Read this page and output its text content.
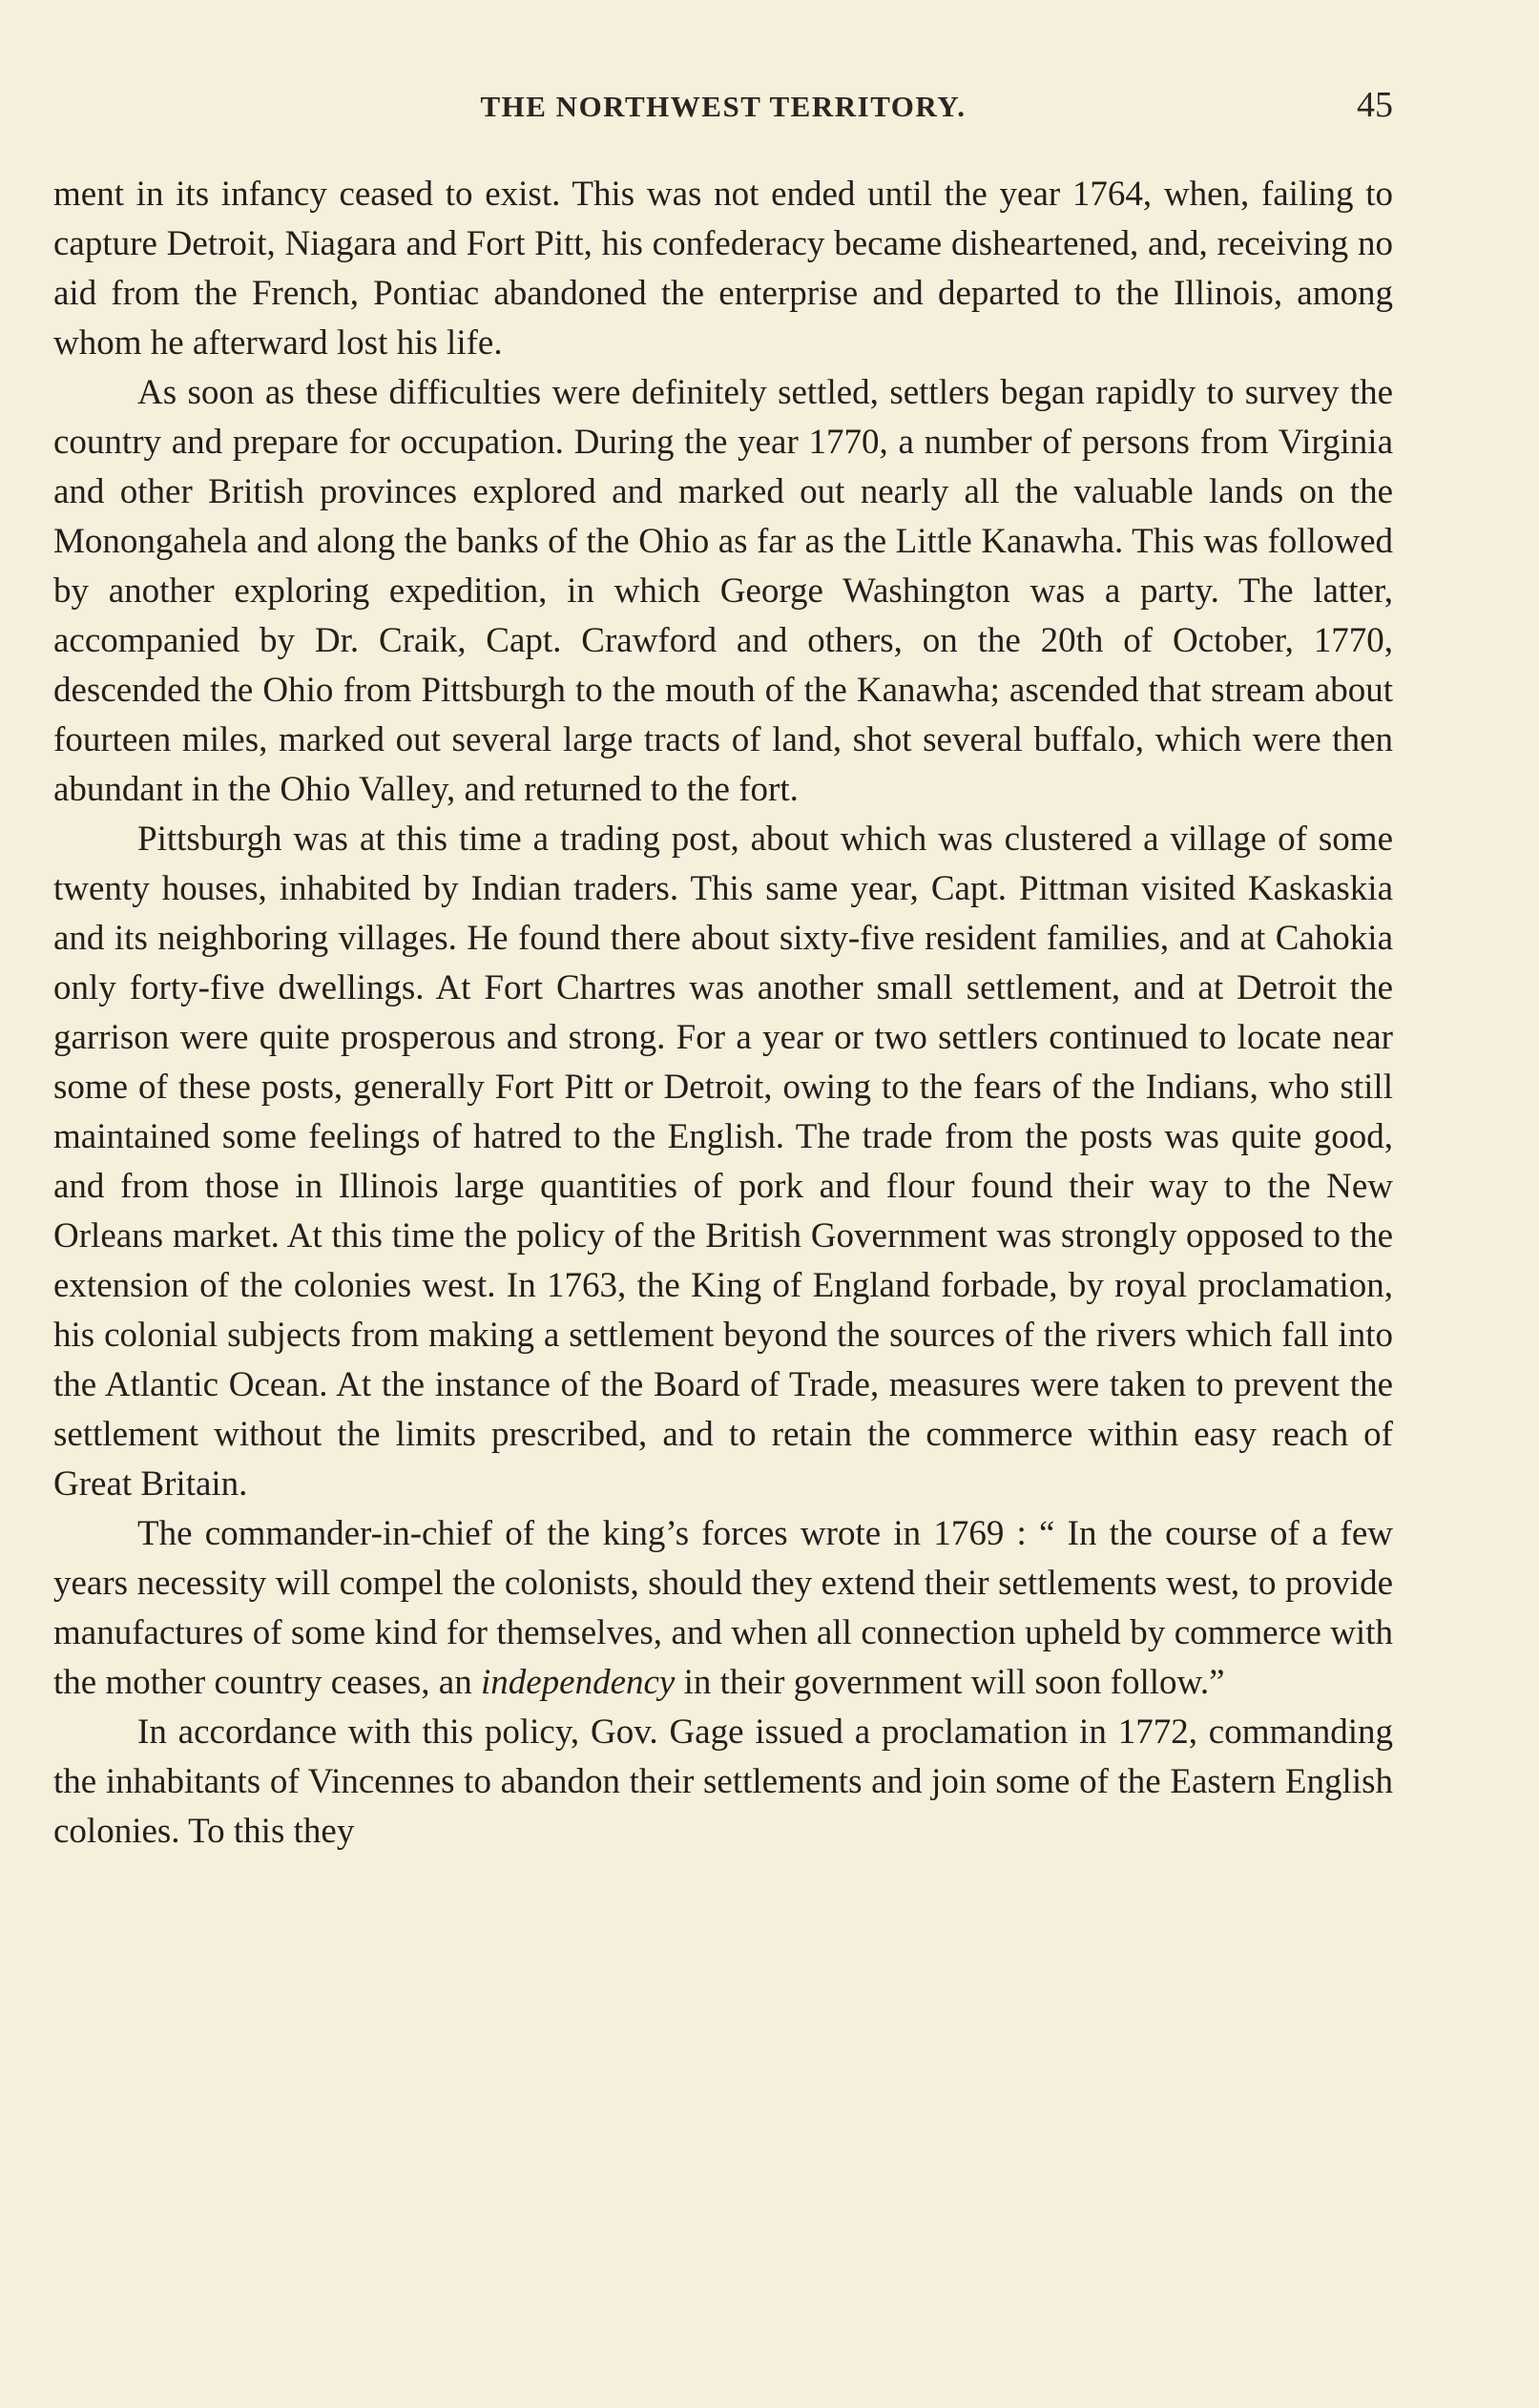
THE NORTHWEST TERRITORY.	45

ment in its infancy ceased to exist. This was not ended until the year 1764, when, failing to capture Detroit, Niagara and Fort Pitt, his confederacy became disheartened, and, receiving no aid from the French, Pontiac abandoned the enterprise and departed to the Illinois, among whom he afterward lost his life.

As soon as these difficulties were definitely settled, settlers began rapidly to survey the country and prepare for occupation. During the year 1770, a number of persons from Virginia and other British provinces explored and marked out nearly all the valuable lands on the Monongahela and along the banks of the Ohio as far as the Little Kanawha. This was followed by another exploring expedition, in which George Washington was a party. The latter, accompanied by Dr. Craik, Capt. Crawford and others, on the 20th of October, 1770, descended the Ohio from Pittsburgh to the mouth of the Kanawha; ascended that stream about fourteen miles, marked out several large tracts of land, shot several buffalo, which were then abundant in the Ohio Valley, and returned to the fort.

Pittsburgh was at this time a trading post, about which was clustered a village of some twenty houses, inhabited by Indian traders. This same year, Capt. Pittman visited Kaskaskia and its neighboring villages. He found there about sixty-five resident families, and at Cahokia only forty-five dwellings. At Fort Chartres was another small settlement, and at Detroit the garrison were quite prosperous and strong. For a year or two settlers continued to locate near some of these posts, generally Fort Pitt or Detroit, owing to the fears of the Indians, who still maintained some feelings of hatred to the English. The trade from the posts was quite good, and from those in Illinois large quantities of pork and flour found their way to the New Orleans market. At this time the policy of the British Government was strongly opposed to the extension of the colonies west. In 1763, the King of England forbade, by royal proclamation, his colonial subjects from making a settlement beyond the sources of the rivers which fall into the Atlantic Ocean. At the instance of the Board of Trade, measures were taken to prevent the settlement without the limits prescribed, and to retain the commerce within easy reach of Great Britain.

The commander-in-chief of the king’s forces wrote in 1769 : “ In the course of a few years necessity will compel the colonists, should they extend their settlements west, to provide manufactures of some kind for themselves, and when all connection upheld by commerce with the mother country ceases, an independency in their government will soon follow.”

In accordance with this policy, Gov. Gage issued a proclamation in 1772, commanding the inhabitants of Vincennes to abandon their settlements and join some of the Eastern English colonies. To this they
